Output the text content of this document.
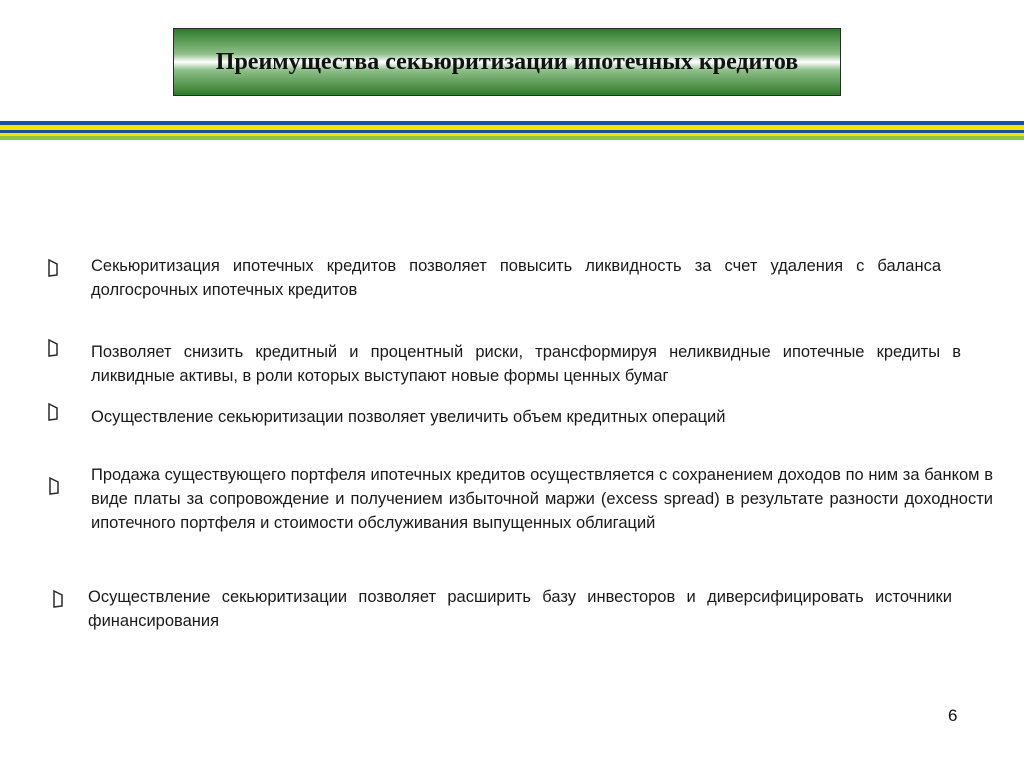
Преимущества секьюритизации ипотечных кредитов
Секьюритизация ипотечных кредитов позволяет повысить ликвидность за счет удаления с баланса долгосрочных ипотечных кредитов
Позволяет снизить кредитный и процентный риски, трансформируя неликвидные ипотечные кредиты в ликвидные активы, в роли которых выступают новые формы ценных бумаг
Осуществление секьюритизации позволяет увеличить объем кредитных операций
Продажа существующего портфеля ипотечных кредитов осуществляется с сохранением доходов по ним за банком в виде платы за сопровождение и получением избыточной маржи (excess spread) в результате разности доходности ипотечного портфеля и стоимости обслуживания выпущенных облигаций
Осуществление секьюритизации позволяет расширить базу инвесторов и диверсифицировать источники финансирования
6
